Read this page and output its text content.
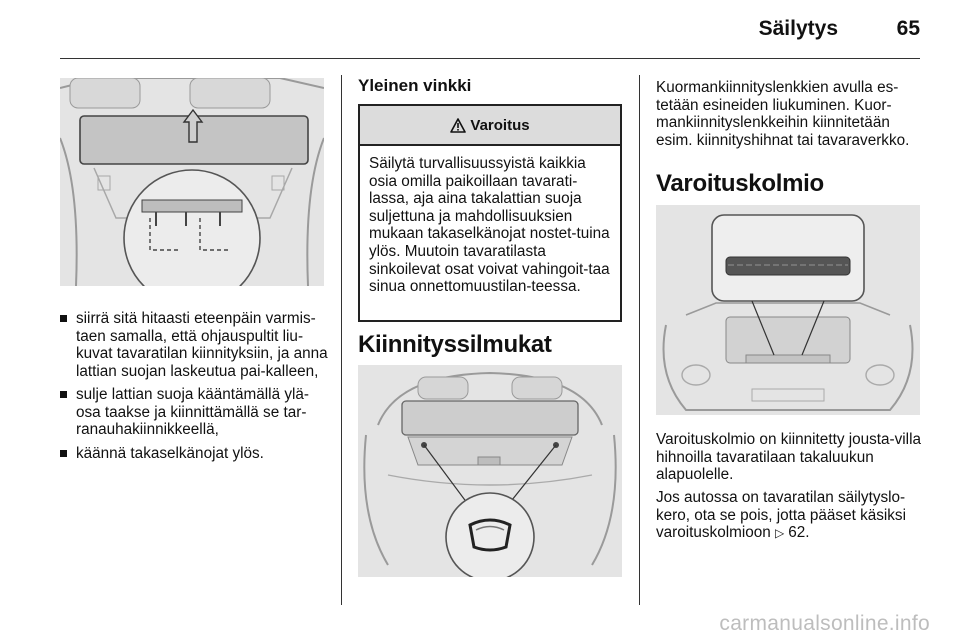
Säilytys	65
siirrä sitä hitaasti eteenpäin varmis-taen samalla, että ohjauspultit liu-kuvat tavaratilan kiinnityksiin, ja anna lattian suojan laskeutua pai-kalleen,
sulje lattian suoja kääntämällä ylä-osa taakse ja kiinnittämällä se tar-ranauhakiinnikkeellä,
käännä takaselkänojat ylös.
Yleinen vinkki
Varoitus
Säilytä turvallisuussyistä kaikkia osia omilla paikoillaan tavarati-lassa, aja aina takalattian suoja suljettuna ja mahdollisuuksien mukaan takaselkänojat nostet-tuina ylös. Muutoin tavaratilasta sinkoilevat osat voivat vahingoit-taa sinua onnettomuustilan-teessa.
Kiinnityssilmukat
Kuormankiinnityslenkkien avulla es-tetään esineiden liukuminen. Kuor-mankiinnityslenkkeihin kiinnitetään esim. kiinnityshihnat tai tavaraverkko.
Varoituskolmio
Varoituskolmio on kiinnitetty jousta-villa hihnoilla tavaratilaan takaluukun alapuolelle.
Jos autossa on tavaratilan säilytyslo-kero, ota se pois, jotta pääset käsiksi varoituskolmioon ▷ 62.
carmanualsonline.info
